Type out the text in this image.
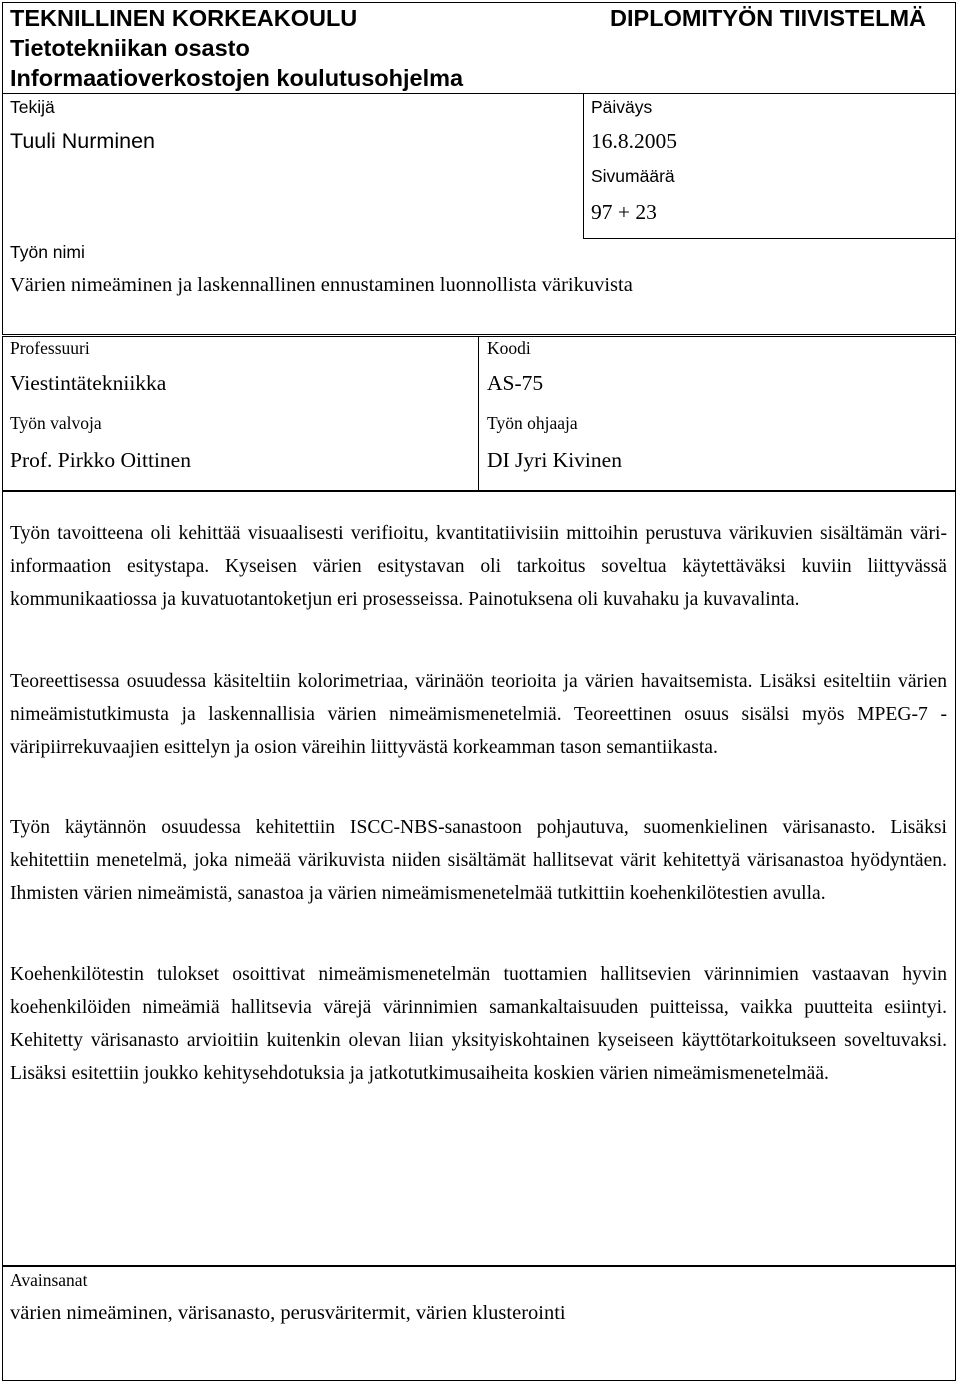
TEKNILLINEN KORKEAKOULU
Tietotekniikan osasto
Informaatioverkostojen koulutusohjelma
DIPLOMITYÖN TIIVISTELMÄ
Tekijä
Tuuli Nurminen
Päiväys
16.8.2005
Sivumäärä
97 + 23
Työn nimi
Värien nimeäminen ja laskennallinen ennustaminen luonnollista värikuvista
Professuuri
Viestintätekniikka
Koodi
AS-75
Työn valvoja
Prof. Pirkko Oittinen
Työn ohjaaja
DI Jyri Kivinen

Työn tavoitteena oli kehittää visuaalisesti verifioitu, kvantitatiivisiin mittoihin perustuva värikuvien sisältämän väri-informaation esitystapa. Kyseisen värien esitystavan oli tarkoitus soveltua käytettäväksi kuviin liittyvässä kommunikaatiossa ja kuvatuotantoketjun eri prosesseissa. Painotuksena oli kuvahaku ja kuvavalinta.

Teoreettisessa osuudessa käsiteltiin kolorimetriaa, värinäön teorioita ja värien havaitsemista. Lisäksi esiteltiin värien nimeämistutkimusta ja laskennallisia värien nimeämismenetelmiä. Teoreettinen osuus sisälsi myös MPEG-7 -väripiirrekuvaajien esittelyn ja osion väreihin liittyvästä korkeamman tason semantiikasta.

Työn käytännön osuudessa kehitettiin ISCC-NBS-sanastoon pohjautuva, suomenkielinen värisanasto. Lisäksi kehitettiin menetelmä, joka nimeää värikuvista niiden sisältämät hallitsevat värit kehitettyä värisanastoa hyödyntäen. Ihmisten värien nimeämistä, sanastoa ja värien nimeämismenetelmää tutkittiin koehenkilötestien avulla.

Koehenkilötestin tulokset osoittivat nimeämismenetelmän tuottamien hallitsevien värinnimien vastaavan hyvin koehenkilöiden nimeämiä hallitsevia värejä värinnimien samankaltaisuuden puitteissa, vaikka puutteita esiintyi. Kehitetty värisanasto arvioitiin kuitenkin olevan liian yksityiskohtainen kyseiseen käyttötarkoitukseen soveltuvaksi. Lisäksi esitettiin joukko kehitysehdotuksia ja jatkotutkimusaiheita koskien värien nimeämismenetelmää.

Avainsanat
värien nimeäminen, värisanasto, perusväritermit, värien klusterointi
